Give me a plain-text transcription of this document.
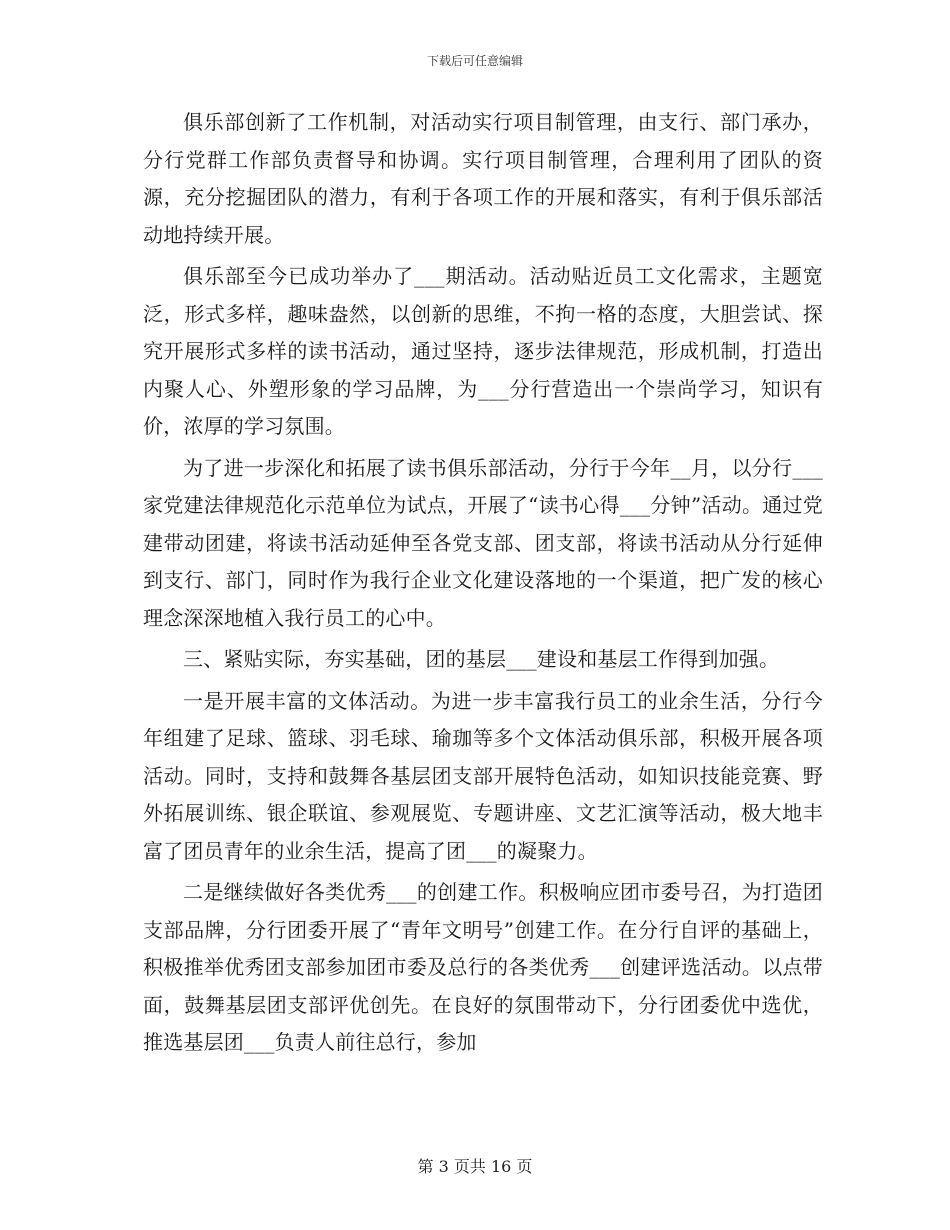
下载后可任意编辑

俱乐部创新了工作机制，对活动实行项目制管理，由支行、部门承办，分行党群工作部负责督导和协调。实行项目制管理，合理利用了团队的资源，充分挖掘团队的潜力，有利于各项工作的开展和落实，有利于俱乐部活动地持续开展。

俱乐部至今已成功举办了___期活动。活动贴近员工文化需求，主题宽泛，形式多样，趣味盎然，以创新的思维，不拘一格的态度，大胆尝试、探究开展形式多样的读书活动，通过坚持，逐步法律规范，形成机制，打造出内聚人心、外塑形象的学习品牌，为___分行营造出一个崇尚学习，知识有价，浓厚的学习氛围。

为了进一步深化和拓展了读书俱乐部活动，分行于今年__月，以分行___家党建法律规范化示范单位为试点，开展了“读书心得___分钟”活动。通过党建带动团建，将读书活动延伸至各党支部、团支部，将读书活动从分行延伸到支行、部门，同时作为我行企业文化建设落地的一个渠道，把广发的核心理念深深地植入我行员工的心中。

三、紧贴实际，夯实基础，团的基层___建设和基层工作得到加强。

一是开展丰富的文体活动。为进一步丰富我行员工的业余生活，分行今年组建了足球、篮球、羽毛球、瑜珈等多个文体活动俱乐部，积极开展各项活动。同时，支持和鼓舞各基层团支部开展特色活动，如知识技能竞赛、野外拓展训练、银企联谊、参观展览、专题讲座、文艺汇演等活动，极大地丰富了团员青年的业余生活，提高了团___的凝聚力。

二是继续做好各类优秀___的创建工作。积极响应团市委号召，为打造团支部品牌，分行团委开展了“青年文明号”创建工作。在分行自评的基础上，积极推举优秀团支部参加团市委及总行的各类优秀___创建评选活动。以点带面，鼓舞基层团支部评优创先。在良好的氛围带动下，分行团委优中选优，推选基层团___负责人前往总行，参加

第 3 页共 16 页
